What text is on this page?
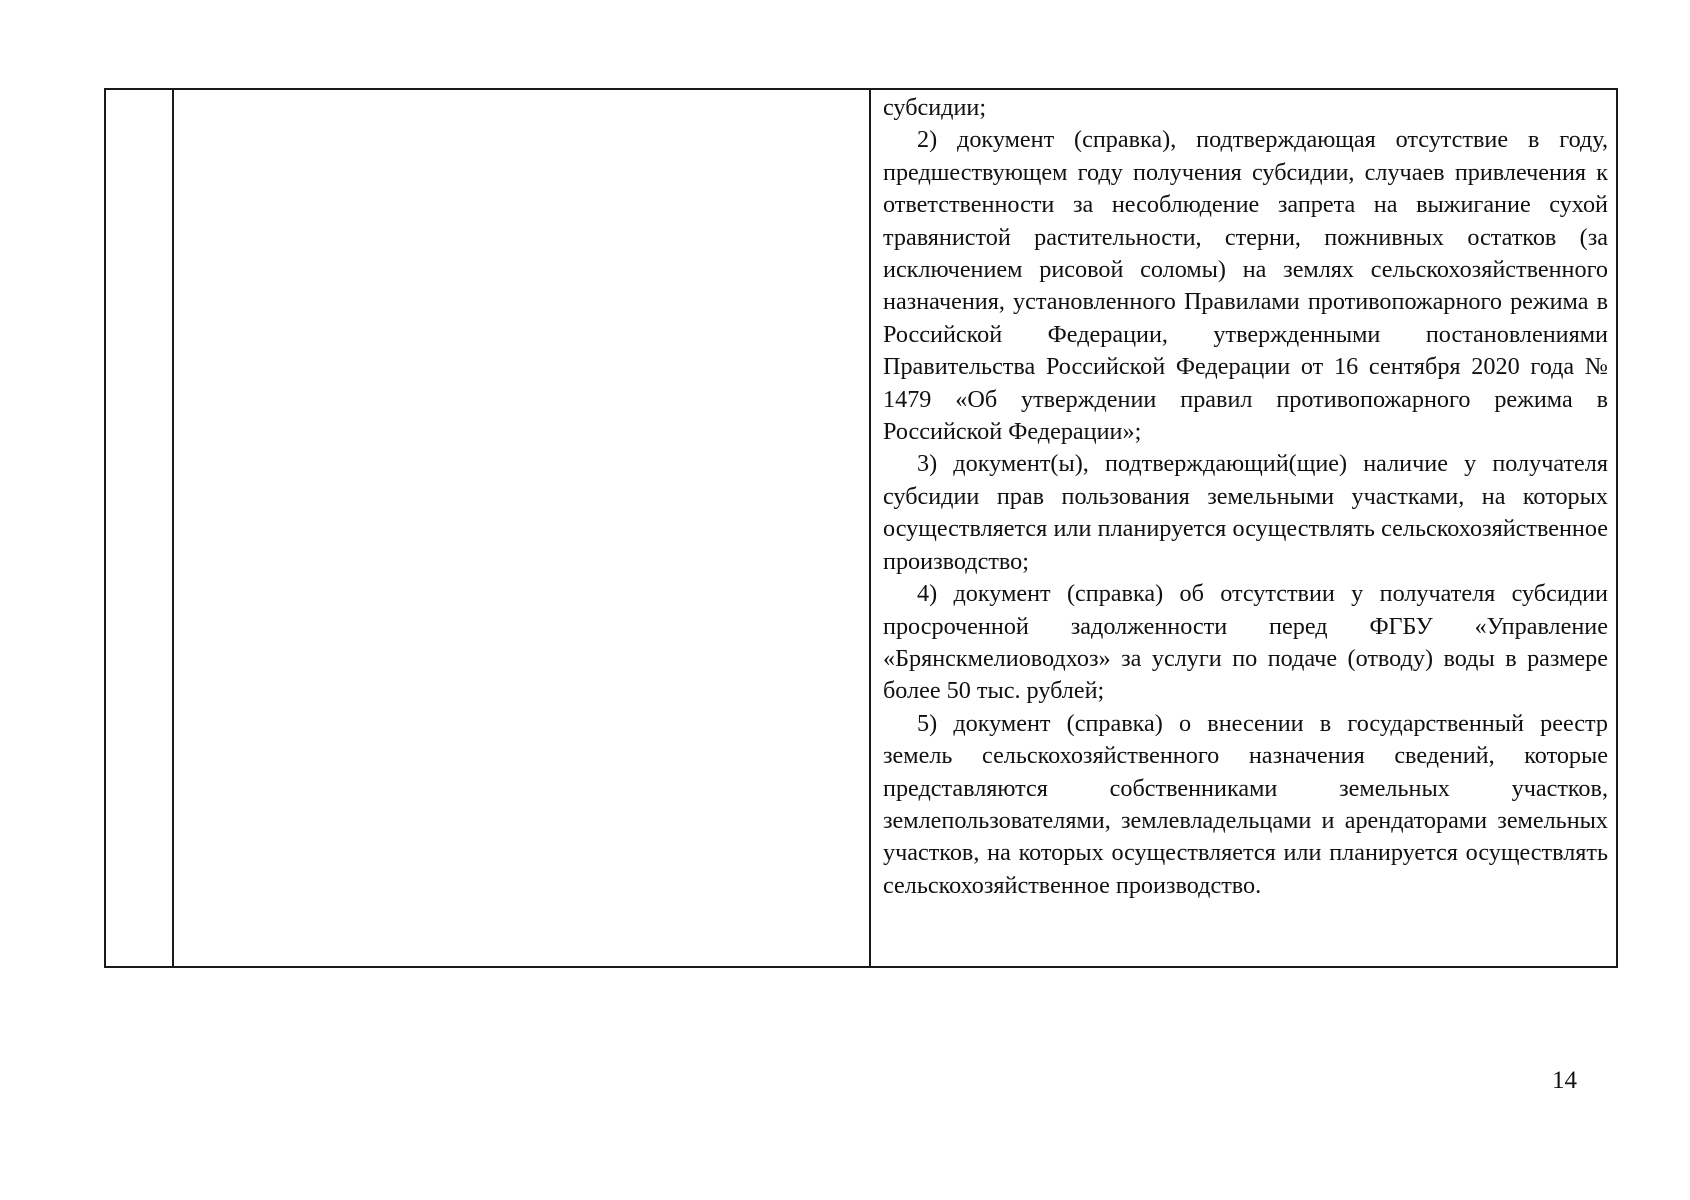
субсидии;

2) документ (справка), подтверждающая отсутствие в году, предшествующем году получения субсидии, случаев привлечения к ответственности за несоблюдение запрета на выжигание сухой травянистой растительности, стерни, пожнивных остатков (за исключением рисовой соломы) на землях сельскохозяйственного назначения, установленного Правилами противопожарного режима в Российской Федерации, утвержденными постановлениями Правительства Российской Федерации от 16 сентября 2020 года № 1479 «Об утверждении правил противопожарного режима в Российской Федерации»;

3) документ(ы), подтверждающий(щие) наличие у получателя субсидии прав пользования земельными участками, на которых осуществляется или планируется осуществлять сельскохозяйственное производство;

4) документ (справка) об отсутствии у получателя субсидии просроченной задолженности перед ФГБУ «Управление «Брянскмелиоводхоз» за услуги по подаче (отводу) воды в размере более 50 тыс. рублей;

5) документ (справка) о внесении в государственный реестр земель сельскохозяйственного назначения сведений, которые представляются собственниками земельных участков, землепользователями, землевладельцами и арендаторами земельных участков, на которых осуществляется или планируется осуществлять сельскохозяйственное производство.

14
